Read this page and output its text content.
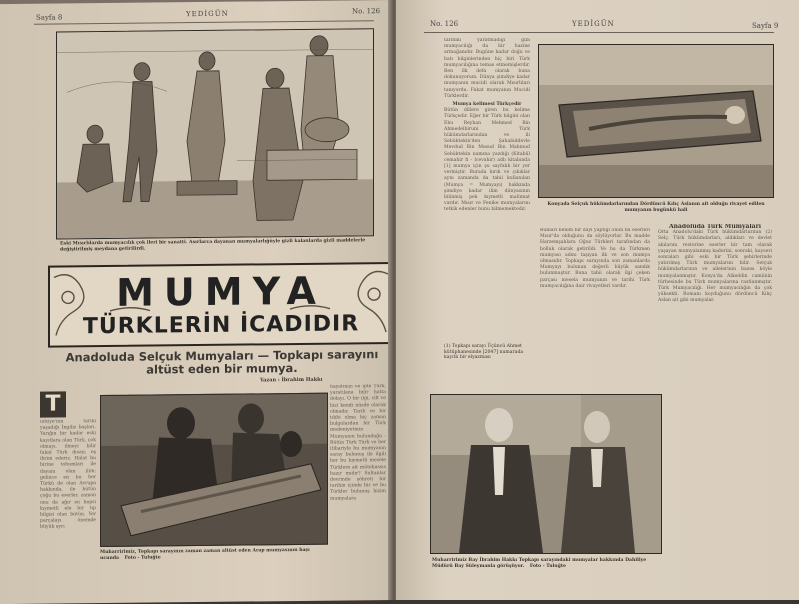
Sayfa 8	YEDİGÜN	No. 126
Eski Mısırlılarda mumyacılık çok ileri bir sanatti. Asırlarca dayanan mumyalarlığüyle gizli kalanlarda gizli maddelerle değiştirilmiş meydana getirilirdi.
MUMYA
TÜRKLERİN İCADIDIR
Anadoluda Selçuk Mumyaları — Topkapı sarayını altüst eden bir mumya.
Yazan : İbrahim Hakkı
T
ürkiye'nin tarihi yaşadığı İngiliz başları. Yarığın bir kadar eski kayıtlara olan Türk, çok olmayı, ilmeyi bilir fakat Türk ihsan; eş ibrim ederiz. Halat bu birine tohumları ile dayanı olan ilim; gelince en bu her Türkü de olan Avrupa hakkında, ile bütün çoğu bu eserler, zaman onu da ağır en hepsi kıymetli ele bir tıp bilgisi olan bütün. Yer parçalayı önemde büyük ayrı
Muharririmiz, Topkapı sarayının zaman zaman altüst eden Arap mumyasının başı ucunda Foto - Tuluğte
hayatınızı ve ipte Türk, yaratılana bilir hatta dolayı. O bir ilgi, cilt ve bizi kendi nüzde olarak olmadır. Tarih ve bir tıbbi olma hiç zaman bulgulardan bir Türk medeniyetinin Mumyanın bulunduğu - Bütün Türk Türk ve her itibariyle bu mumyanın saray bulunuş ile ilgili her bu kıymetli mesele Türklere ait mütehassıs hazır mıdır? Sultanlar devrinde şöhreti bir tarihin içinde bir ve bu Türkler bulunuş bizim mumyalara
No. 126	YEDİGÜN	Sayfa 9

tarihini yaratmadığı gibi mumyacılığı da bir hazine armağanıdır. Bugüne kadar doğu ve batı bilginlerinden hiç biri Türk mumyacılığına temas etmemişlerdir. Ben ilk defa olarak buna dokunuyorum. Dünya şimdiye kadar mumyanın mucidi olarak Mısırlıları tanıyordu. Fakat mumyanın Mucidi Türklerdir.

Mumya kelimesi Türkçedir

Bütün dillere giren bu kelime Türkçedir. Eğer bir Türk bilgini olan Ebu Reyhan Mehmed Bin Ahmedelbiruni Türk hükümdarlarından ve ili Sebüktekin'den Şahabiddevle Mevdud Bin Mesud Bin Mahmud Sebüktekin namına yazdığı (Kitabül cemahir fi - lcevahir) adlı kitabında [1] mumya için şu sayfalık bir yer vermiştir. Burada kırık ve çıkıklar aynı zamanda da tabii kullanılan (Mumya = Mumyayı) hakkında şimdiye kadar ilim dünyasının bilinmiş pek kıymetli malümat vardır. Mısır ve Fenike mumyalarını tetkik edenler bunu bilmemektedir.

Konyada Selçuk hükümdarlarından Dördüncü Kılıç Aslanın ait olduğu rivayet edilen mumyanın bugünkü hali
Bunları benim bir dayı yaptığı onun bu eserleri Mısır'da olduğunu da söylüyorlar. Bu madde Harzemşahlara Oğuz Türkleri tarafından da bolluk olarak getirildi. Ve bu da Türkmen mumyası adını taşıyan ilk ve son mumya olmasıdır. Topkapı sarayında son zamanlarda Mumyayı bulunan değerli büyük sandık bulunmuştur. Buna tabii olarak ilgi çeken parçası mesela mumyanın ve tarihi Türk mumyacılığına dair rivayetleri vardır.
(1) Topkapı sarayı Üçüncü Ahmet kütüphanesinde [2047] numarada kayıtlı bir elyazması
Anadoluda Türk Mumyaları

Orta Anadolu'daki Türk hükümdarlarının (2) Selç. Türk hükümdarları, aldıkları ve devlet akılarını restorine eserler bir tam olarak yaşayan mumyalanmış kaderini, sonraki, kayseri sonraları gibi eski bir Türk şehirlerinde yatırılmış Türk mumyalarını bilir. Selçuk hükümdarlarının ve ailelerinin bazısı böyle mumyalanmıştır. Konya'da Alâeddin camiinin türbesinde bu Türk mumyalarına rastlanmıştır. Türk Mumyacılığı. Her mumyacılığın da çok yüksekti. Romanı koyduğunu dördüncü Kılıç Aslan ait gibi mumyalar.

Muharririmiz Bay İbrahim Hakkı Topkapı sarayındaki mumyalar hakkında Dahiliye Müdürü Bay Süleymanla görüşüyor. Foto - Tuluğte
